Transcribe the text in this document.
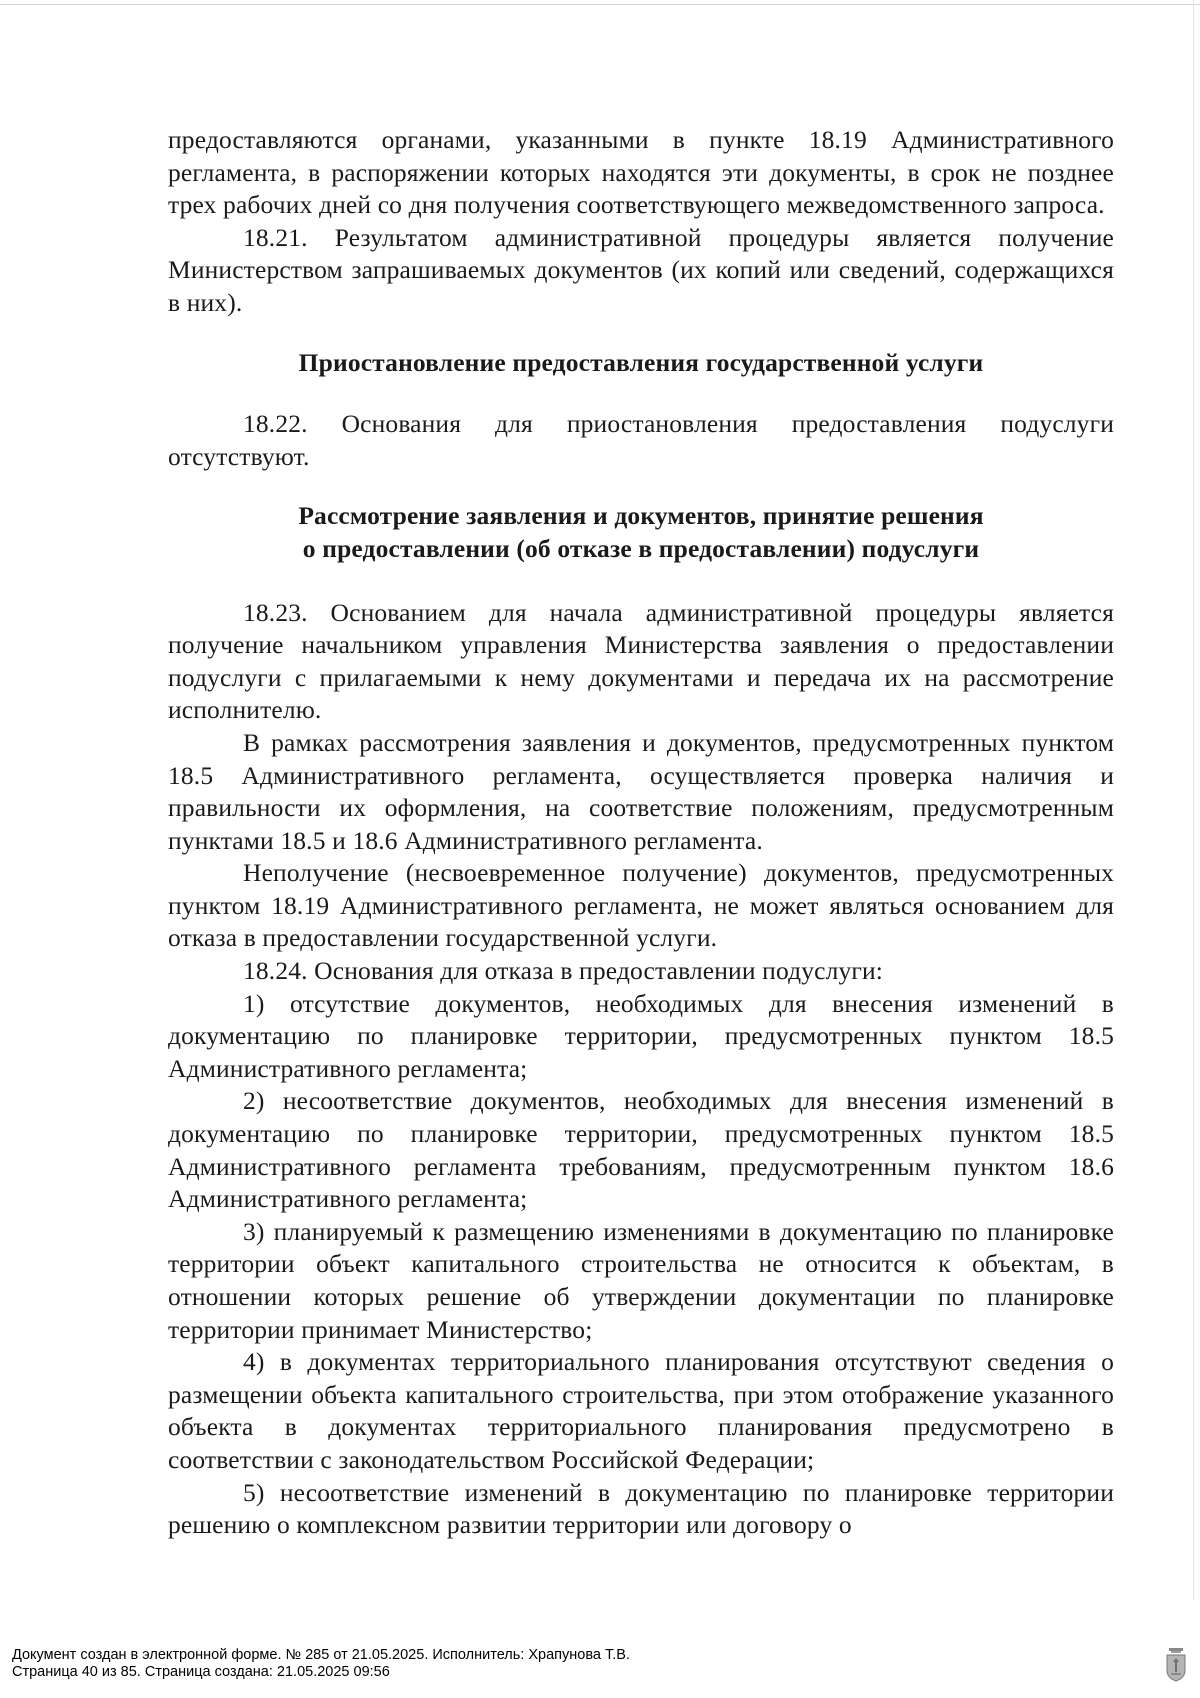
предоставляются органами, указанными в пункте 18.19 Административного регламента, в распоряжении которых находятся эти документы, в срок не позднее трех рабочих дней со дня получения соответствующего межведомственного запроса.

18.21. Результатом административной процедуры является получение Министерством запрашиваемых документов (их копий или сведений, содержащихся в них).

Приостановление предоставления государственной услуги

18.22. Основания для приостановления предоставления подуслуги отсутствуют.

Рассмотрение заявления и документов, принятие решения
о предоставлении (об отказе в предоставлении) подуслуги

18.23. Основанием для начала административной процедуры является получение начальником управления Министерства заявления о предоставлении подуслуги с прилагаемыми к нему документами и передача их на рассмотрение исполнителю.

В рамках рассмотрения заявления и документов, предусмотренных пунктом 18.5 Административного регламента, осуществляется проверка наличия и правильности их оформления, на соответствие положениям, предусмотренным пунктами 18.5 и 18.6 Административного регламента.

Неполучение (несвоевременное получение) документов, предусмотренных пунктом 18.19 Административного регламента, не может являться основанием для отказа в предоставлении государственной услуги.

18.24. Основания для отказа в предоставлении подуслуги:

1) отсутствие документов, необходимых для внесения изменений в документацию по планировке территории, предусмотренных пунктом 18.5 Административного регламента;

2) несоответствие документов, необходимых для внесения изменений в документацию по планировке территории, предусмотренных пунктом 18.5 Административного регламента требованиям, предусмотренным пунктом 18.6 Административного регламента;

3) планируемый к размещению изменениями в документацию по планировке территории объект капитального строительства не относится к объектам, в отношении которых решение об утверждении документации по планировке территории принимает Министерство;

4) в документах территориального планирования отсутствуют сведения о размещении объекта капитального строительства, при этом отображение указанного объекта в документах территориального планирования предусмотрено в соответствии с законодательством Российской Федерации;

5) несоответствие изменений в документацию по планировке территории решению о комплексном развитии территории или договору о

Документ создан в электронной форме. № 285 от 21.05.2025. Исполнитель: Храпунова Т.В.
Страница 40 из 85. Страница создана: 21.05.2025 09:56
